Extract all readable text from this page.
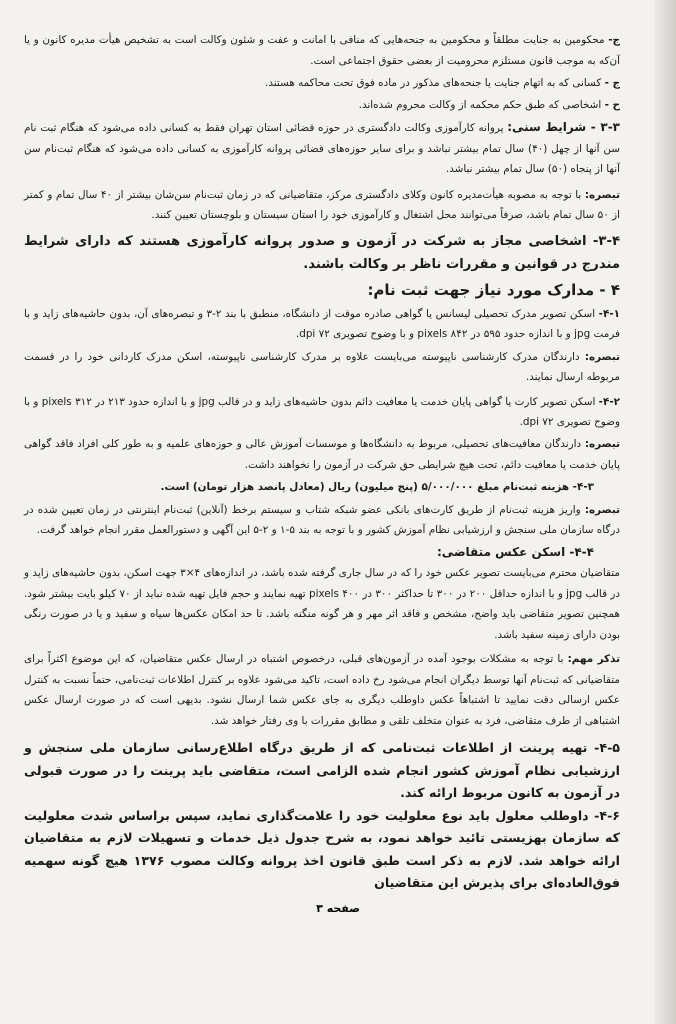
ج- محکومین به جنایت مطلقاً و محکومین به جنحه‌هایی که منافی با امانت و عفت و شئون وکالت است به تشخیص هیأت مدیره کانون و یا آن‌که به موجب قانون مستلزم محرومیت از بعضی حقوق اجتماعی است.

ج - کسانی که به اتهام جنایت یا جنحه‌های مذکور در ماده فوق تحت محاکمه هستند.

ح - اشخاصی که طبق حکم محکمه از وکالت محروم شده‌اند.

۳-۳ - شرایط سنی: پروانه کارآموزی وکالت دادگستری در حوزه قضائی استان تهران فقط به کسانی داده می‌شود که هنگام ثبت نام سن آنها از چهل (۴۰) سال تمام بیشتر نباشد و برای سایر حوزه‌های قضائی پروانه کارآموزی به کسانی داده می‌شود که هنگام ثبت‌نام سن آنها از پنجاه (۵۰) سال تمام بیشتر نباشد.

تبصره: با توجه به مصوبه هیأت‌مدیره کانون وکلای دادگستری مرکز، متقاضیانی که در زمان ثبت‌نام سن‌شان بیشتر از ۴۰ سال تمام و کمتر از ۵۰ سال تمام باشد، صرفاً می‌توانند محل اشتغال و کارآموزی خود را استان سیستان و بلوچستان تعیین کنند.

۳-۴- اشخاصی مجاز به شرکت در آزمون و صدور پروانه کارآموزی هستند که دارای شرایط مندرج در قوانین و مقررات ناظر بر وکالت باشند.

۴ - مدارک مورد نیاز جهت ثبت نام:

۴-۱- اسکن تصویر مدرک تحصیلی لیسانس یا گواهی صادره موقت از دانشگاه، منطبق با بند ۲-۳ و تبصره‌های آن، بدون حاشیه‌های زاید و با فرمت jpg و با اندازه حدود ۵۹۵ در ۸۴۲ pixels و با وضوح تصویری ۷۲ dpi.

تبصره: دارندگان مدرک کارشناسی ناپیوسته می‌بایست علاوه بر مدرک کارشناسی ناپیوسته، اسکن مدرک کاردانی خود را در قسمت مربوطه ارسال نمایند.

۴-۲- اسکن تصویر کارت یا گواهی پایان خدمت یا معافیت دائم بدون حاشیه‌های زاید و در قالب jpg و با اندازه حدود ۲۱۳ در ۳۱۲ pixels و با وضوح تصویری ۷۲ dpi.

تبصره: دارندگان معافیت‌های تحصیلی، مربوط به دانشگاه‌ها و موسسات آموزش عالی و حوزه‌های علمیه و به طور کلی افراد فاقد گواهی پایان خدمت یا معافیت دائم، تحت هیچ شرایطی حق شرکت در آزمون را نخواهند داشت.

۴-۳- هزینه ثبت‌نام مبلغ ۵/۰۰۰/۰۰۰ (پنج میلیون) ریال (معادل پانصد هزار تومان) است.

تبصره: واریز هزینه ثبت‌نام از طریق کارت‌های بانکی عضو شبکه شتاب و سیستم برخط (آنلاین) ثبت‌نام اینترنتی در زمان تعیین شده در درگاه سازمان ملی سنجش و ارزشیابی نظام آموزش کشور و با توجه به بند ۵-۱ و ۲-۵ این آگهی و دستورالعمل مقرر انجام خواهد گرفت.

۴-۴- اسکن عکس متقاضی:

متقاضیان محترم می‌بایست تصویر عکس خود را که در سال جاری گرفته شده باشد، در اندازه‌های ۴×۳ جهت اسکن، بدون حاشیه‌های زاید و در قالب jpg و با اندازه حداقل ۲۰۰ در ۳۰۰ تا حداکثر ۳۰۰ در ۴۰۰ pixels تهیه نمایند و حجم فایل تهیه شده نباید از ۷۰ کیلو بایت بیشتر شود. همچنین تصویر متقاضی باید واضح، مشخص و فاقد اثر مهر و هر گونه منگنه باشد. تا حد امکان عکس‌ها سیاه و سفید و یا در صورت رنگی بودن دارای زمینه سفید باشد.

تذکر مهم: با توجه به مشکلات بوجود آمده در آزمون‌های قبلی، درخصوص اشتباه در ارسال عکس متقاضیان، که این موضوع اکثراً برای متقاضیانی که ثبت‌نام آنها توسط دیگران انجام می‌شود رخ داده است، تاکید می‌شود علاوه بر کنترل اطلاعات ثبت‌نامی، حتماً نسبت به کنترل عکس ارسالی دقت نمایید تا اشتباهاً عکس داوطلب دیگری به جای عکس شما ارسال نشود. بدیهی است که در صورت ارسال عکس اشتباهی از طرف متقاضی، فرد به عنوان متخلف تلقی و مطابق مقررات با وی رفتار خواهد شد.

۴-۵- تهیه پرینت از اطلاعات ثبت‌نامی که از طریق درگاه اطلاع‌رسانی سازمان ملی سنجش و ارزشیابی نظام آموزش کشور انجام شده الزامی است، متقاضی باید پرینت را در صورت قبولی در آزمون به کانون مربوط ارائه کند.

۴-۶- داوطلب معلول باید نوع معلولیت خود را علامت‌گذاری نماید، سپس براساس شدت معلولیت که سازمان بهزیستی تائید خواهد نمود، به شرح جدول ذیل خدمات و تسهیلات لازم به متقاضیان ارائه خواهد شد. لازم به ذکر است طبق قانون اخذ پروانه وکالت مصوب ۱۳۷۶ هیچ گونه سهمیه فوق‌العاده‌ای برای پذیرش این متقاضیان

صفحه ۳
